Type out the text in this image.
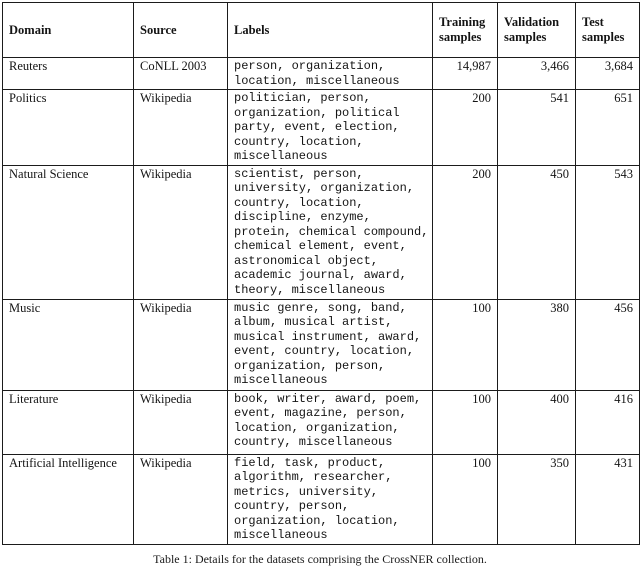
Domain	Source	Labels	Training samples	Validation samples	Test samples
Reuters	CoNLL 2003	person, organization, location, miscellaneous	14,987	3,466	3,684
Politics	Wikipedia	politician, person, organization, political party, event, election, country, location, miscellaneous	200	541	651
Natural Science	Wikipedia	scientist, person, university, organization, country, location, discipline, enzyme, protein, chemical compound, chemical element, event, astronomical object, academic journal, award, theory, miscellaneous	200	450	543
Music	Wikipedia	music genre, song, band, album, musical artist, musical instrument, award, event, country, location, organization, person, miscellaneous	100	380	456
Literature	Wikipedia	book, writer, award, poem, event, magazine, person, location, organization, country, miscellaneous	100	400	416
Artificial Intelligence	Wikipedia	field, task, product, algorithm, researcher, metrics, university, country, person, organization, location, miscellaneous	100	350	431
Table 1: Details for the datasets comprising the CrossNER collection.
